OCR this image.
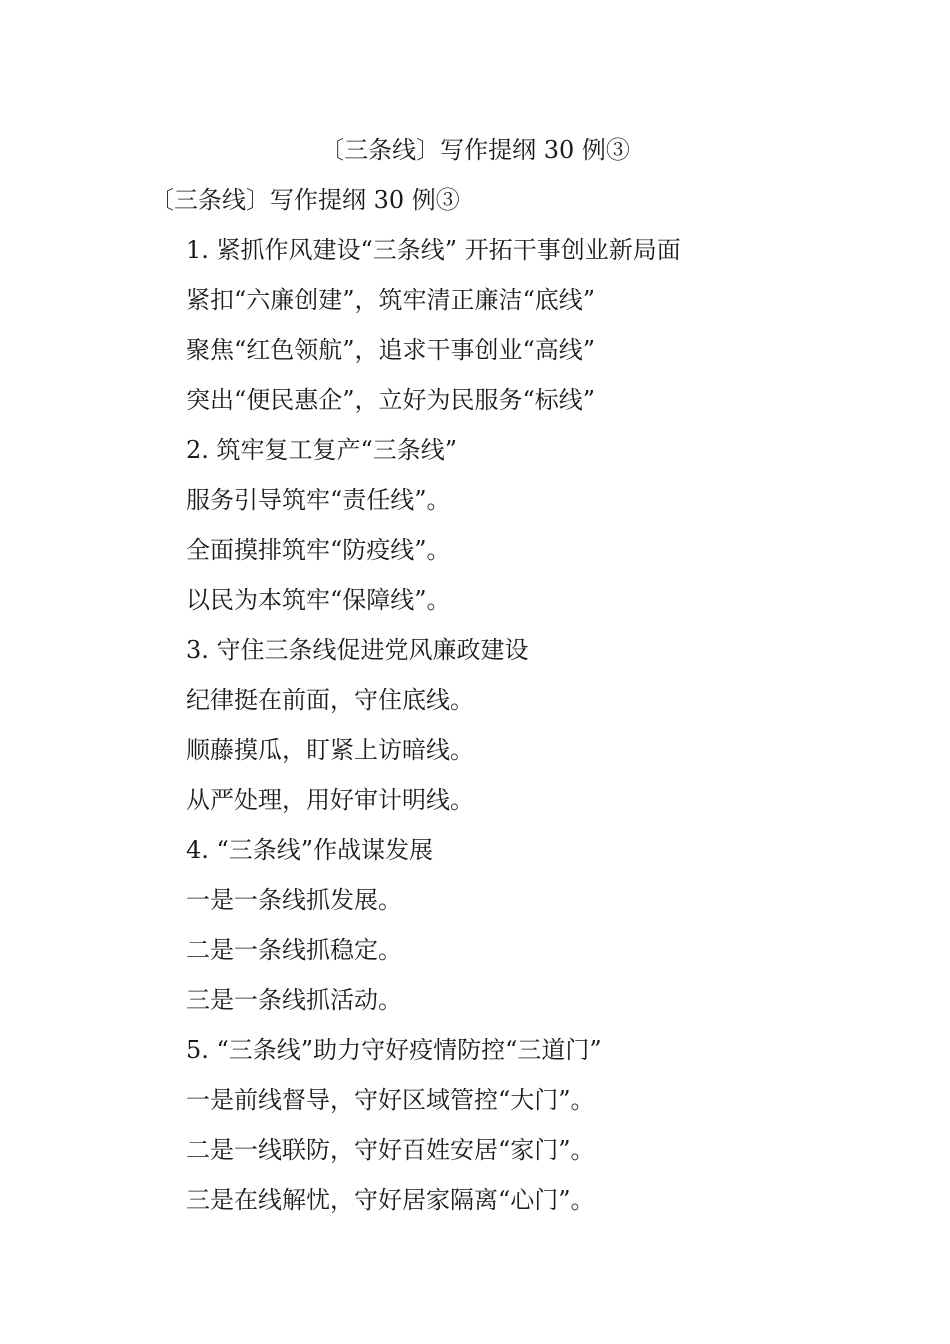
〔三条线〕写作提纲 30 例③
〔三条线〕写作提纲 30 例③
1. 紧抓作风建设“三条线” 开拓干事创业新局面
紧扣“六廉创建”，筑牢清正廉洁“底线”
聚焦“红色领航”，追求干事创业“高线”
突出“便民惠企”，立好为民服务“标线”
2. 筑牢复工复产“三条线”
服务引导筑牢“责任线”。
全面摸排筑牢“防疫线”。
以民为本筑牢“保障线”。
3. 守住三条线促进党风廉政建设
纪律挺在前面，守住底线。
顺藤摸瓜，盯紧上访暗线。
从严处理，用好审计明线。
4. “三条线”作战谋发展
一是一条线抓发展。
二是一条线抓稳定。
三是一条线抓活动。
5. “三条线”助力守好疫情防控“三道门”
一是前线督导，守好区域管控“大门”。
二是一线联防，守好百姓安居“家门”。
三是在线解忧，守好居家隔离“心门”。
